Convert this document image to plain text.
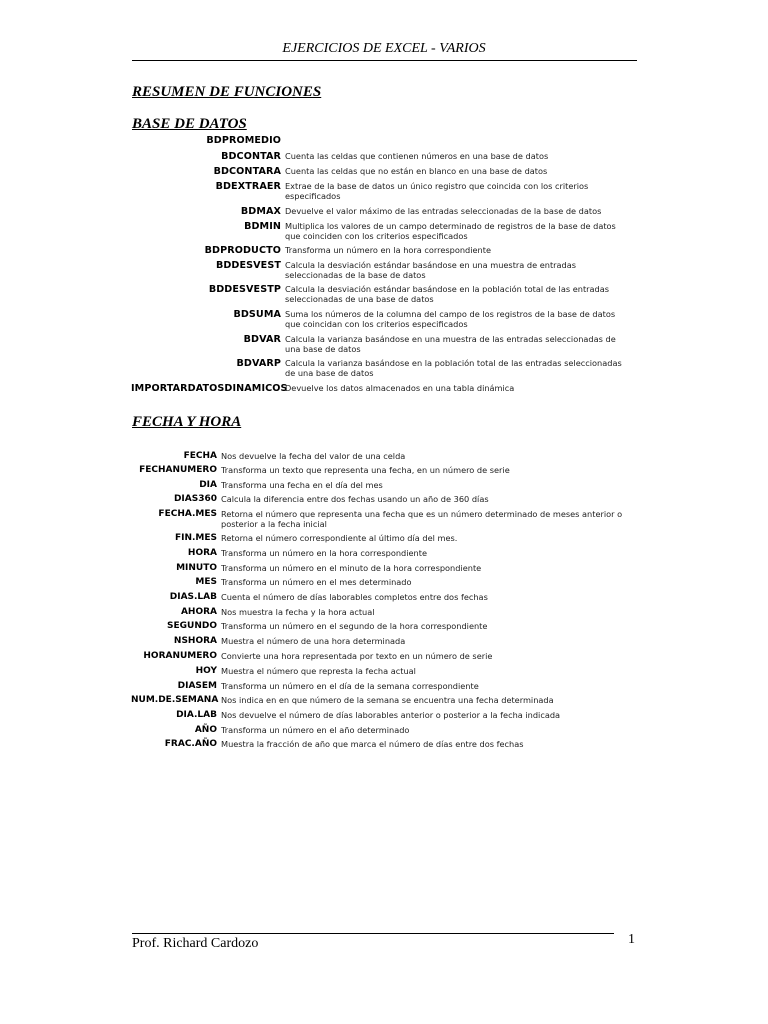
EJERCICIOS DE EXCEL - VARIOS
RESUMEN DE FUNCIONES
BASE DE DATOS
BDPROMEDIO
BDCONTAR Cuenta las celdas que contienen números en una base de datos
BDCONTARA Cuenta las celdas que no están en blanco en una base de datos
BDEXTRAER Extrae de la base de datos un único registro que coincida con los criterios especificados
BDMAX Devuelve el valor máximo de las entradas seleccionadas de la base de datos
BDMIN Multiplica los valores de un campo determinado de registros de la base de datos que coinciden con los criterios especificados
BDPRODUCTO Transforma un número en la hora correspondiente
BDDESVEST Calcula la desviación estándar basándose en una muestra de entradas seleccionadas de la base de datos
BDDESVESTP Calcula la desviación estándar basándose en la población total de las entradas seleccionadas de una base de datos
BDSUMA Suma los números de la columna del campo de los registros de la base de datos que coincidan con los criterios especificados
BDVAR Calcula la varianza basándose en una muestra de las entradas seleccionadas de una base de datos
BDVARP Calcula la varianza basándose en la población total de las entradas seleccionadas de una base de datos
IMPORTARDATOSDINAMICOS
Devuelve los datos almacenados en una tabla dinámica
FECHA Y HORA
FECHA Nos devuelve la fecha del valor de una celda
FECHANUMERO Transforma un texto que representa una fecha, en un número de serie
DIA Transforma una fecha en el día del mes
DIAS360 Calcula la diferencia entre dos fechas usando un año de 360 días
FECHA.MES Retorna el número que representa una fecha que es un número determinado de meses anterior o posterior a la fecha inicial
FIN.MES Retorna el número correspondiente al último día del mes.
HORA Transforma un número en la hora correspondiente
MINUTO Transforma un número en el minuto de la hora correspondiente
MES Transforma un número en el mes determinado
DIAS.LAB Cuenta el número de días laborables completos entre dos fechas
AHORA Nos muestra la fecha y la hora actual
SEGUNDO Transforma un número en el segundo de la hora correspondiente
NSHORA Muestra el número de una hora determinada
HORANUMERO Convierte una hora representada por texto en un número de serie
HOY Muestra el número que represta la fecha actual
DIASEM Transforma un número en el día de la semana correspondiente
NUM.DE.SEMANA Nos indica en en que número de la semana se encuentra una fecha determinada
DIA.LAB Nos devuelve el número de días laborables anterior o posterior a la fecha indicada
AÑO Transforma un número en el año determinado
FRAC.AÑO Muestra la fracción de año que marca el número de días entre dos fechas
Prof. Richard Cardozo	1
